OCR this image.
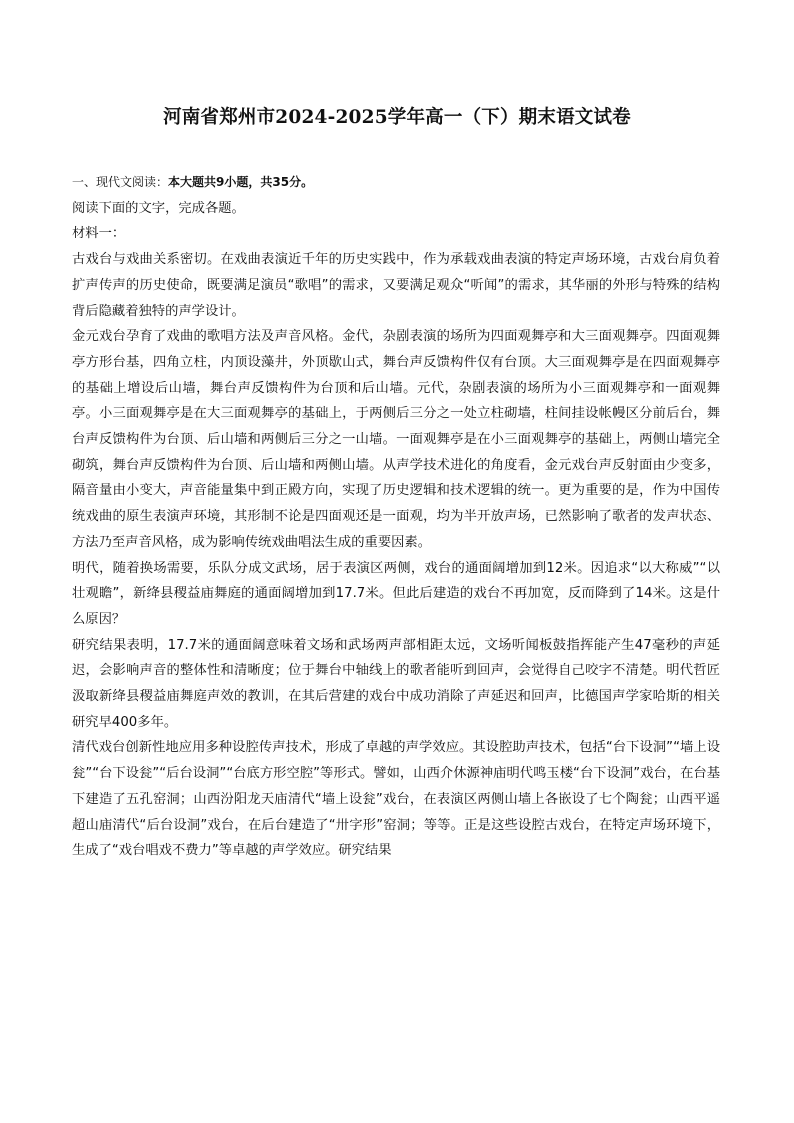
河南省郑州市2024-2025学年高一（下）期末语文试卷

一、现代文阅读：本大题共9小题，共35分。

阅读下面的文字，完成各题。

材料一：

古戏台与戏曲关系密切。在戏曲表演近千年的历史实践中，作为承载戏曲表演的特定声场环境，古戏台肩负着扩声传声的历史使命，既要满足演员“歌唱”的需求，又要满足观众“听闻”的需求，其华丽的外形与特殊的结构背后隐藏着独特的声学设计。

金元戏台孕育了戏曲的歌唱方法及声音风格。金代，杂剧表演的场所为四面观舞亭和大三面观舞亭。四面观舞亭方形台基，四角立柱，内顶设藻井，外顶歇山式，舞台声反馈构件仅有台顶。大三面观舞亭是在四面观舞亭的基础上增设后山墙，舞台声反馈构件为台顶和后山墙。元代，杂剧表演的场所为小三面观舞亭和一面观舞亭。小三面观舞亭是在大三面观舞亭的基础上，于两侧后三分之一处立柱砌墙，柱间挂设帐幔区分前后台，舞台声反馈构件为台顶、后山墙和两侧后三分之一山墙。一面观舞亭是在小三面观舞亭的基础上，两侧山墙完全砌筑，舞台声反馈构件为台顶、后山墙和两侧山墙。从声学技术进化的角度看，金元戏台声反射面由少变多，隔音量由小变大，声音能量集中到正殿方向，实现了历史逻辑和技术逻辑的统一。更为重要的是，作为中国传统戏曲的原生表演声环境，其形制不论是四面观还是一面观，均为半开放声场，已然影响了歌者的发声状态、方法乃至声音风格，成为影响传统戏曲唱法生成的重要因素。

明代，随着换场需要，乐队分成文武场，居于表演区两侧，戏台的通面阔增加到12米。因追求“以大称威”“以壮观瞻”，新绛县稷益庙舞庭的通面阔增加到17.7米。但此后建造的戏台不再加宽，反而降到了14米。这是什么原因？

研究结果表明，17.7米的通面阔意味着文场和武场两声部相距太远，文场听闻板鼓指挥能产生47毫秒的声延迟，会影响声音的整体性和清晰度；位于舞台中轴线上的歌者能听到回声，会觉得自己咬字不清楚。明代哲匠汲取新绛县稷益庙舞庭声效的教训，在其后营建的戏台中成功消除了声延迟和回声，比德国声学家哈斯的相关研究早400多年。

清代戏台创新性地应用多种设腔传声技术，形成了卓越的声学效应。其设腔助声技术，包括“台下设洞”“墙上设瓮”“台下设瓮”“后台设洞”“台底方形空腔”等形式。譬如，山西介休源神庙明代鸣玉楼“台下设洞”戏台，在台基下建造了五孔窑洞；山西汾阳龙天庙清代“墙上设瓮”戏台，在表演区两侧山墙上各嵌设了七个陶瓮；山西平遥超山庙清代“后台设洞”戏台，在后台建造了“卅字形”窑洞；等等。正是这些设腔古戏台，在特定声场环境下，生成了“戏台唱戏不费力”等卓越的声学效应。研究结果
